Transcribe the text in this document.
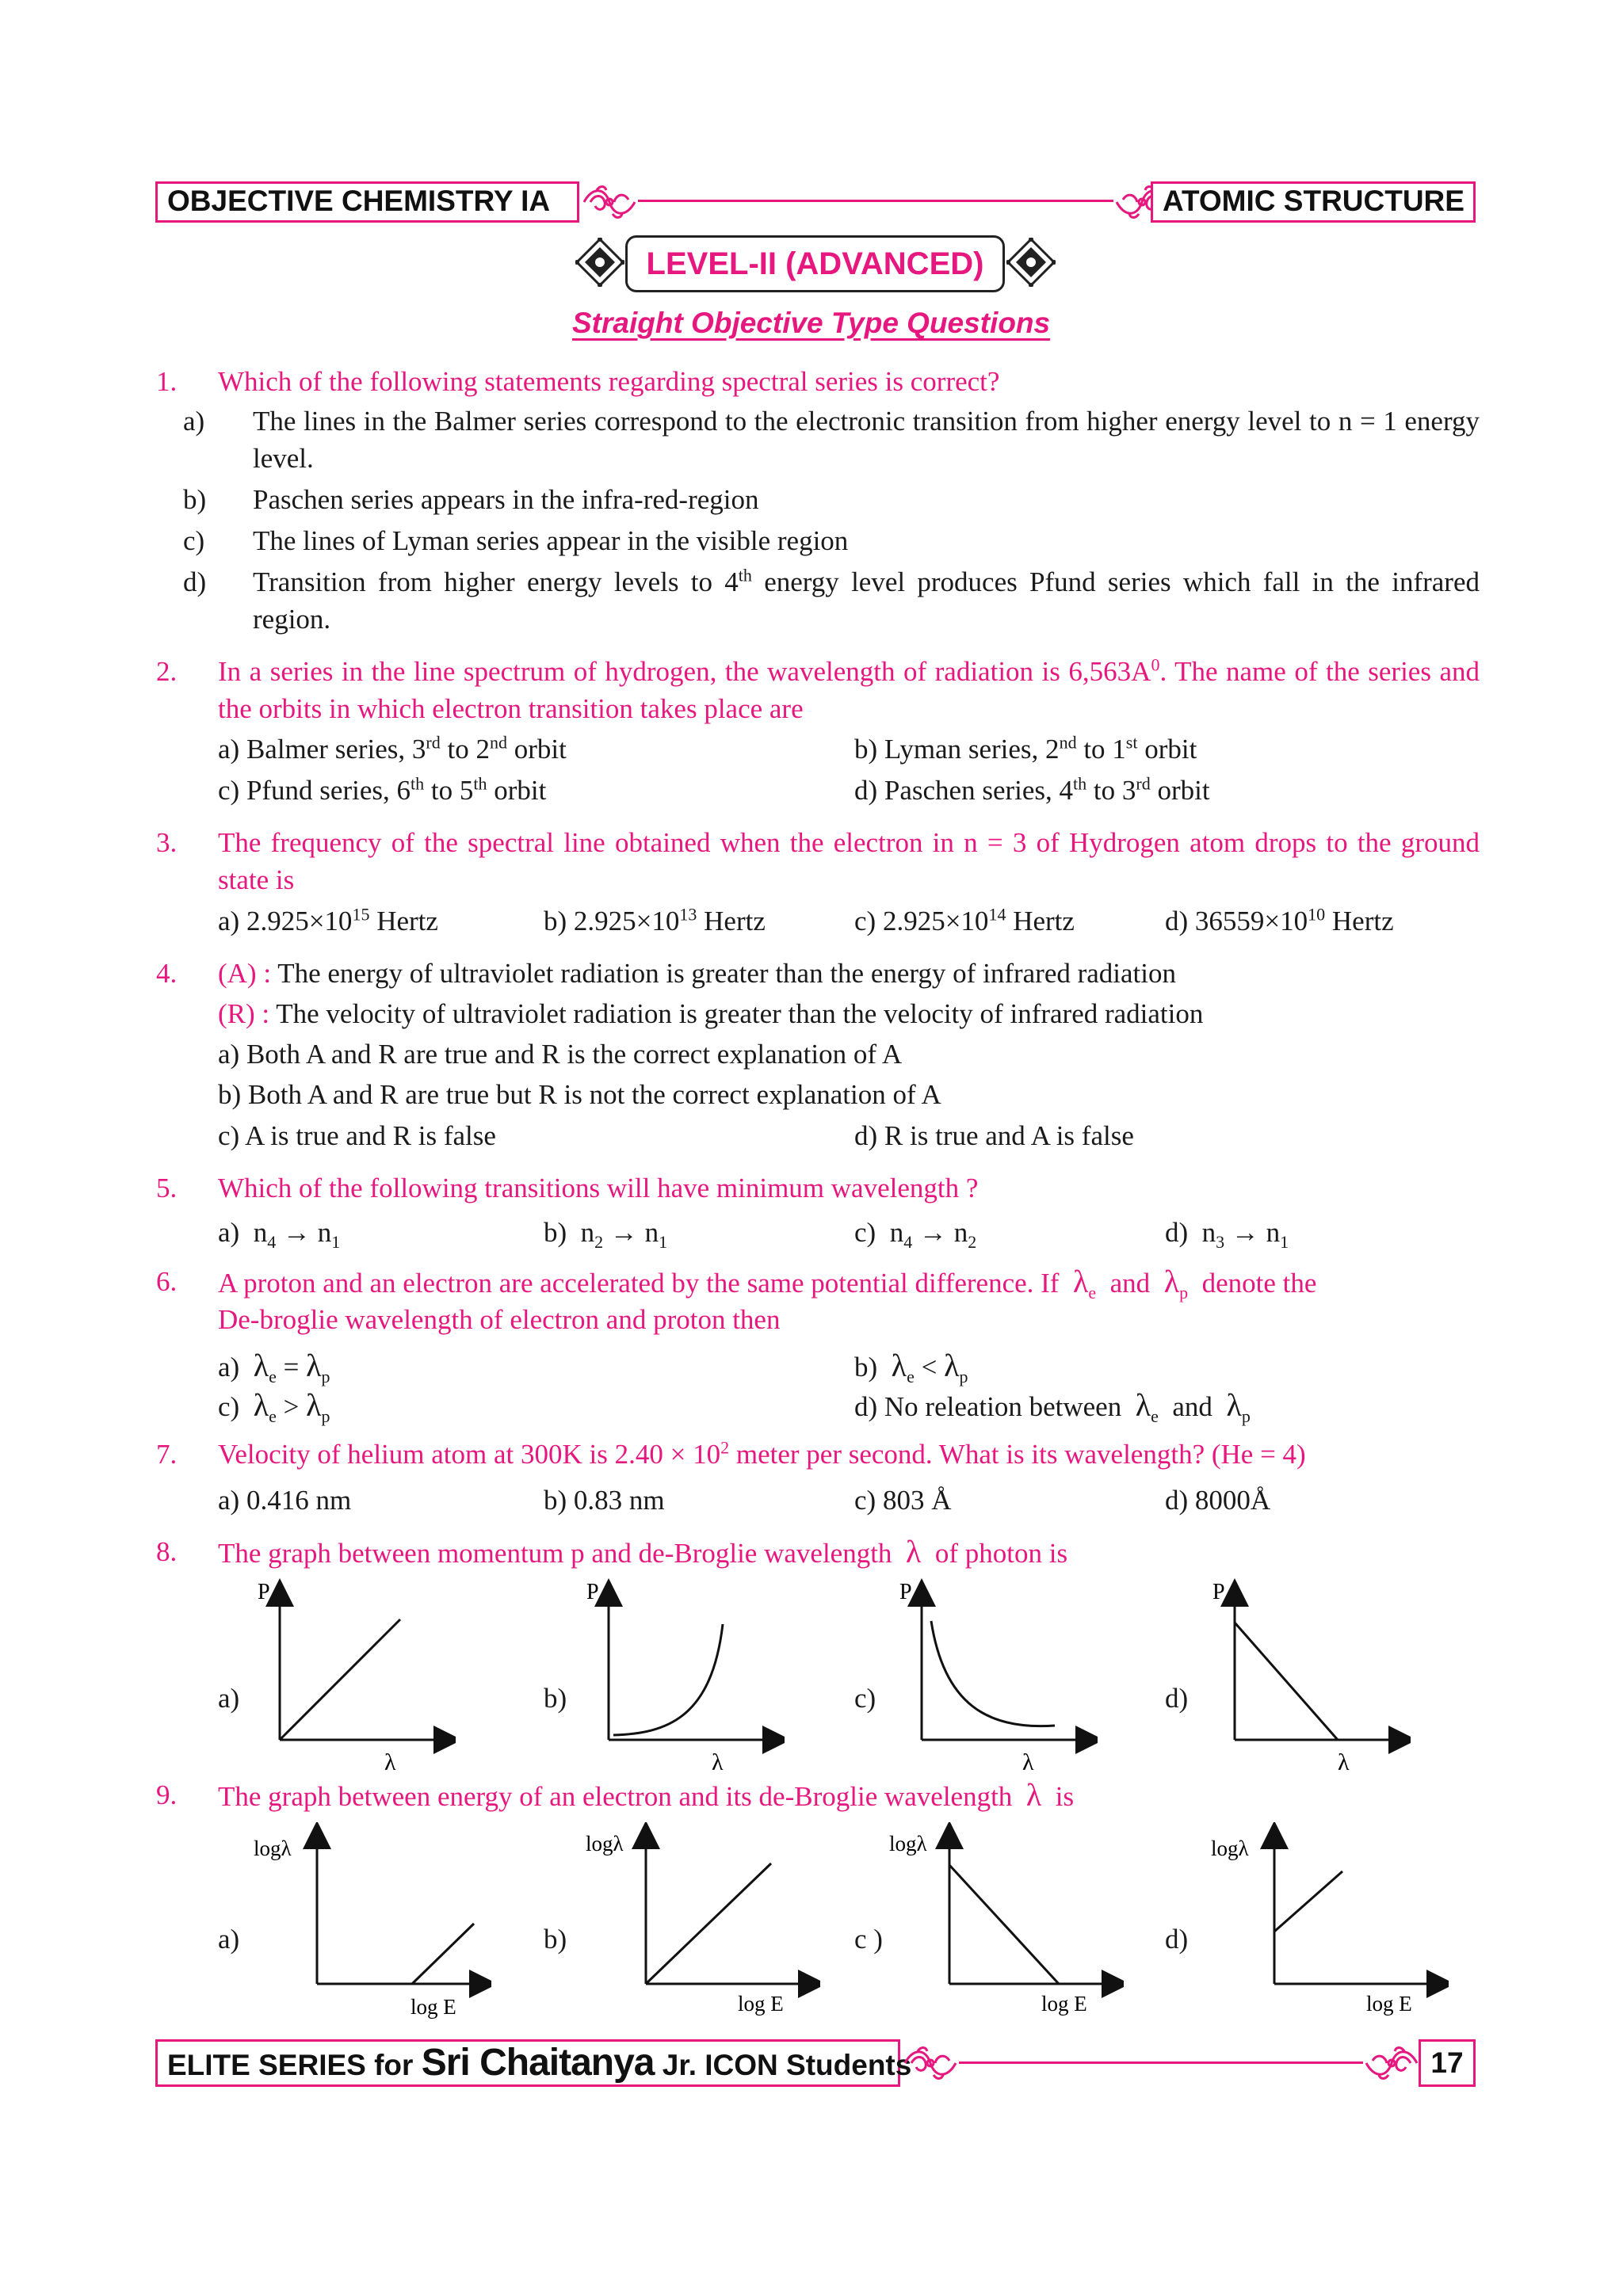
OBJECTIVE CHEMISTRY IA	ATOMIC STRUCTURE
LEVEL-II (ADVANCED)
Straight Objective Type Questions
1. Which of the following statements regarding spectral series is correct?
a) The lines in the Balmer series correspond to the electronic transition from higher energy level to n = 1 energy level.
b) Paschen series appears in the infra-red-region
c) The lines of Lyman series appear in the visible region
d) Transition from higher energy levels to 4th energy level produces Pfund series which fall in the infrared region.
2. In a series in the line spectrum of hydrogen, the wavelength of radiation is $6,563A^0$. The name of the series and the orbits in which electron transition takes place are
a) Balmer series, 3rd to 2nd orbit	b) Lyman series, 2nd to 1st orbit
c) Pfund series, 6th to 5th orbit	d) Paschen series, 4th to 3rd orbit
3. The frequency of the spectral line obtained when the electron in n = 3 of Hydrogen atom drops to the ground state is
a) $2.925\times 10^{15}$ Hertz	b) $2.925\times 10^{13}$ Hertz	c) $2.925\times 10^{14}$ Hertz	d) $36559\times 10^{10}$ Hertz
4. (A) : The energy of ultraviolet radiation is greater than the energy of infrared radiation
(R) : The velocity of ultraviolet radiation is greater than the velocity of infrared radiation
a) Both A and R are true and R is the correct explanation of A
b) Both A and R are true but R is not the correct explanation of A
c) A is true and R is false	d) R is true and A is false
5. Which of the following transitions will have minimum wavelength ?
a) $n_4 \to n_1$	b) $n_2 \to n_1$	c) $n_4 \to n_2$	d) $n_3 \to n_1$
6. A proton and an electron are accelerated by the same potential difference. If $\lambda_e$ and $\lambda_p$ denote the
De-broglie wavelength of electron and proton then
a) $\lambda_e = \lambda_p$	b) $\lambda_e < \lambda_p$
c) $\lambda_e > \lambda_p$	d) No releation between $\lambda_e$ and $\lambda_p$
7. Velocity of helium atom at 300K is $2.40 \times 10^2$ meter per second. What is its wavelength? (He = 4)
a) 0.416 nm	b) 0.83 nm	c) 803 Å	d) 8000Å
8. The graph between momentum p and de-Broglie wavelength λ of photon is
a)	b)	c)	d)
P
λ
P
λ
P
λ
P
λ
9. The graph between energy of an electron and its de-Broglie wavelength λ is
a)	b)	c )	d)
logλ
log E
logλ
log E
logλ
log E
logλ
log E
ELITE SERIES for Sri Chaitanya Jr. ICON Students	17
